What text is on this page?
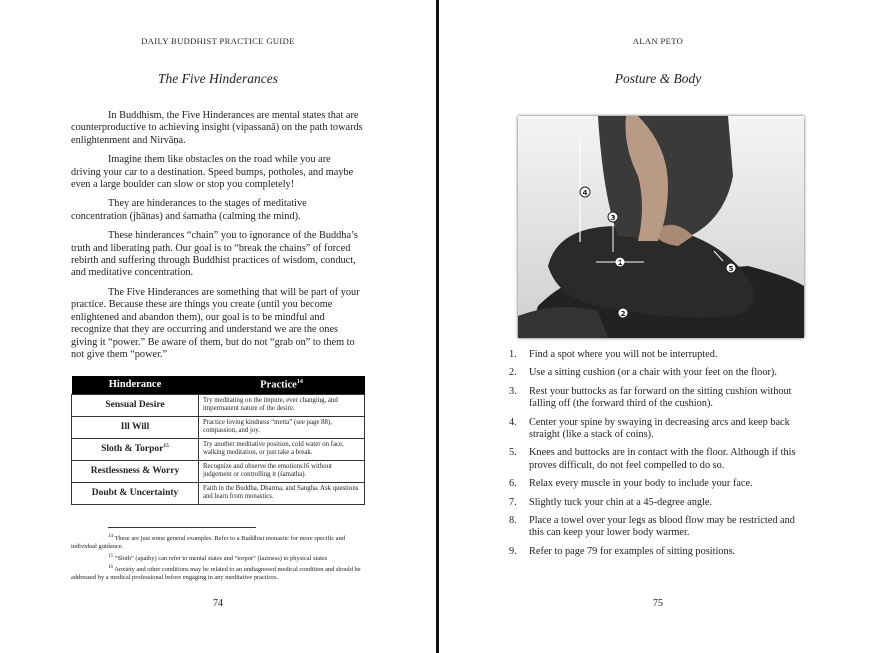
DAILY BUDDHIST PRACTICE GUIDE
The Five Hinderances

In Buddhism, the Five Hinderances are mental states that are counterproductive to achieving insight (vipassanā) on the path towards enlightenment and Nirvāṇa.

Imagine them like obstacles on the road while you are driving your car to a destination. Speed bumps, potholes, and maybe even a large boulder can slow or stop you completely!

They are hinderances to the stages of meditative concentration (jhānas) and śamatha (calming the mind).

These hinderances “chain” you to ignorance of the Buddha’s truth and liberating path. Our goal is to “break the chains” of forced rebirth and suffering through Buddhist practices of wisdom, conduct, and meditative concentration.

The Five Hinderances are something that will be part of your practice. Because these are things you create (until you become enlightened and abandon them), our goal is to be mindful and recognize that they are occurring and understand we are the ones giving it “power.” Be aware of them, but do not “grab on” to them to not give them “power.”

Hinderance	Practice$^{14}$
Sensual Desire	Try meditating on the impure, ever changing, and impermanent nature of the desire.
Ill Will	Practice loving kindness “metta” (see page 88), compassion, and joy.
Sloth & Torpor$^{15}$	Try another meditative position, cold water on face, walking meditation, or just take a break.
Restlessness & Worry	Recognize and observe the emotions16 without judgement or controlling it (śamatha).
Doubt & Uncertainty	Faith in the Buddha, Dharma, and Sangha. Ask questions and learn from monastics.
$^{14}$ These are just some general examples. Refer to a Buddhist monastic for more specific and individual guidance.
$^{15}$ “Sloth” (apathy) can refer to mental states and “torpor” (laziness) to physical states
$^{16}$ Anxiety and other conditions may be related to an undiagnosed medical condition and should be addressed by a medical professional before engaging in any meditative practices.
74
ALAN PETO
Posture & Body
4
3
1
5
2
1.	Find a spot where you will not be interrupted.
2.	Use a sitting cushion (or a chair with your feet on the floor).
3.	Rest your buttocks as far forward on the sitting cushion without falling off (the forward third of the cushion).
4.	Center your spine by swaying in decreasing arcs and keep back straight (like a stack of coins).
5.	Knees and buttocks are in contact with the floor. Although if this proves difficult, do not feel compelled to do so.
6.	Relax every muscle in your body to include your face.
7.	Slightly tuck your chin at a 45-degree angle.
8.	Place a towel over your legs as blood flow may be restricted and this can keep your lower body warmer.
9.	Refer to page 79 for examples of sitting positions.
75
